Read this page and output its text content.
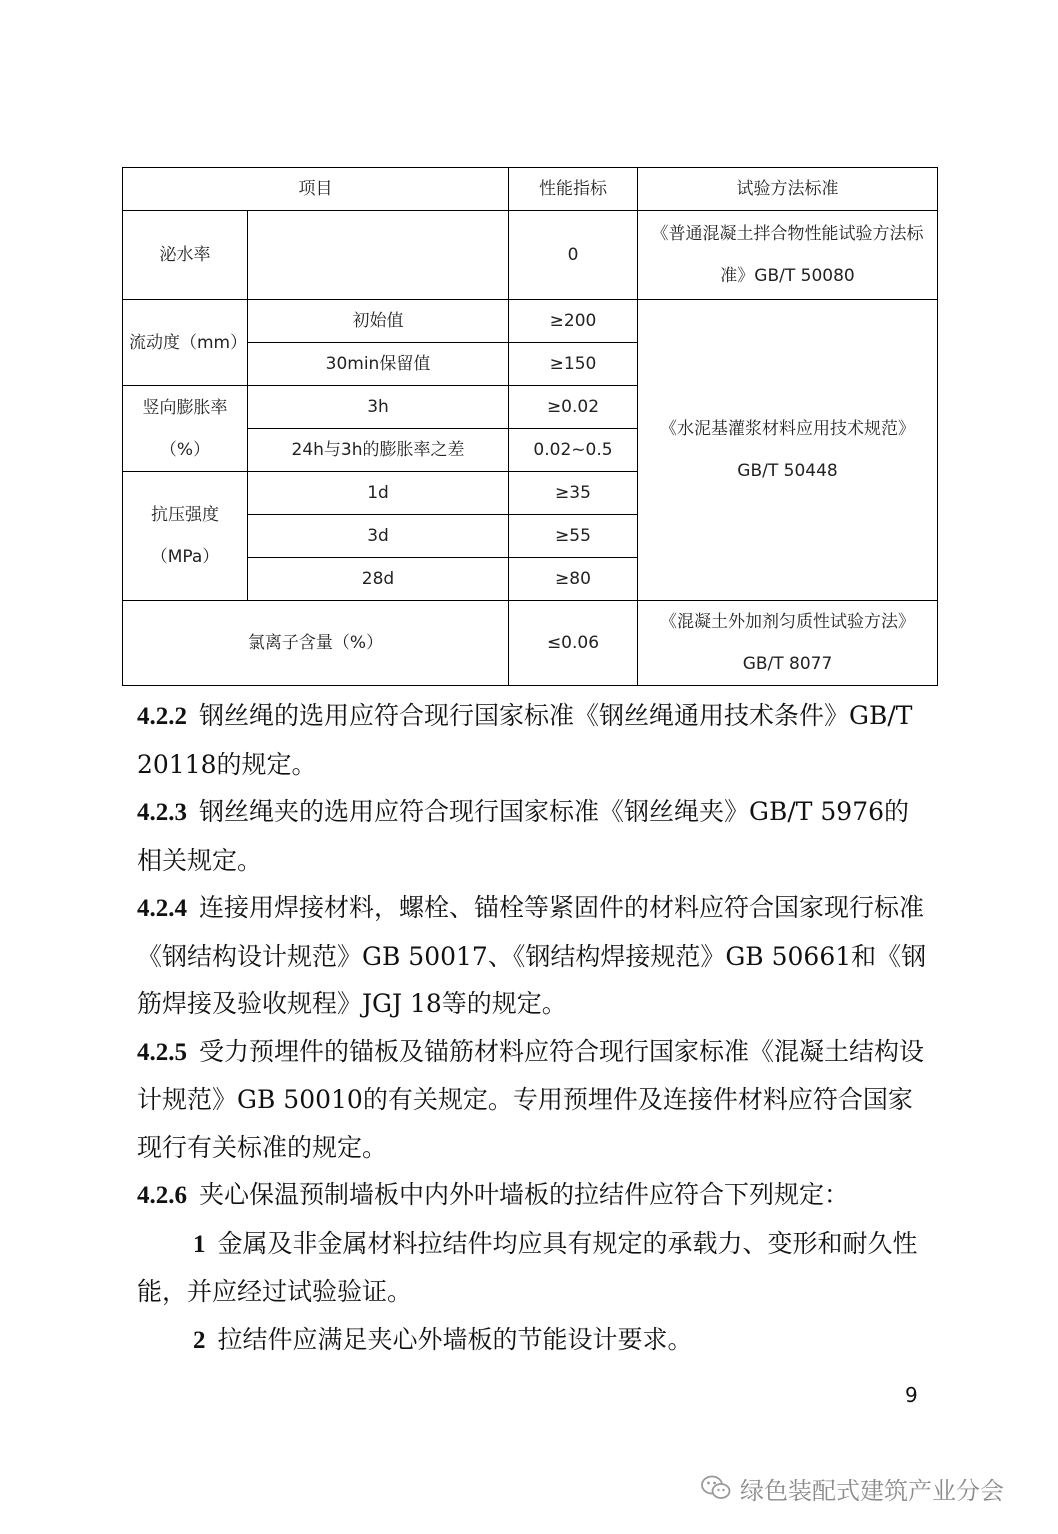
项目		性能指标	试验方法标准
泌水率		0	《普通混凝土拌合物性能试验方法标准》GB/T 50080
流动度（mm）	初始值	≥200	《水泥基灌浆材料应用技术规范》GB/T 50448
	30min保留值	≥150	
竖向膨胀率（%）	3h	≥0.02	
	24h与3h的膨胀率之差	0.02~0.5	
抗压强度（MPa）	1d	≥35	
	3d	≥55	
	28d	≥80	
氯离子含量（%）		≤0.06	《混凝土外加剂匀质性试验方法》GB/T 8077

4.2.2 钢丝绳的选用应符合现行国家标准《钢丝绳通用技术条件》GB/T 20118的规定。

4.2.3 钢丝绳夹的选用应符合现行国家标准《钢丝绳夹》GB/T 5976的相关规定。

4.2.4 连接用焊接材料，螺栓、锚栓等紧固件的材料应符合国家现行标准《钢结构设计规范》GB 50017、《钢结构焊接规范》GB 50661和《钢筋焊接及验收规程》JGJ 18等的规定。

4.2.5 受力预埋件的锚板及锚筋材料应符合现行国家标准《混凝土结构设计规范》GB 50010的有关规定。专用预埋件及连接件材料应符合国家现行有关标准的规定。

4.2.6 夹心保温预制墙板中内外叶墙板的拉结件应符合下列规定：

1 金属及非金属材料拉结件均应具有规定的承载力、变形和耐久性能，并应经过试验验证。

2 拉结件应满足夹心外墙板的节能设计要求。

9
绿色装配式建筑产业分会
